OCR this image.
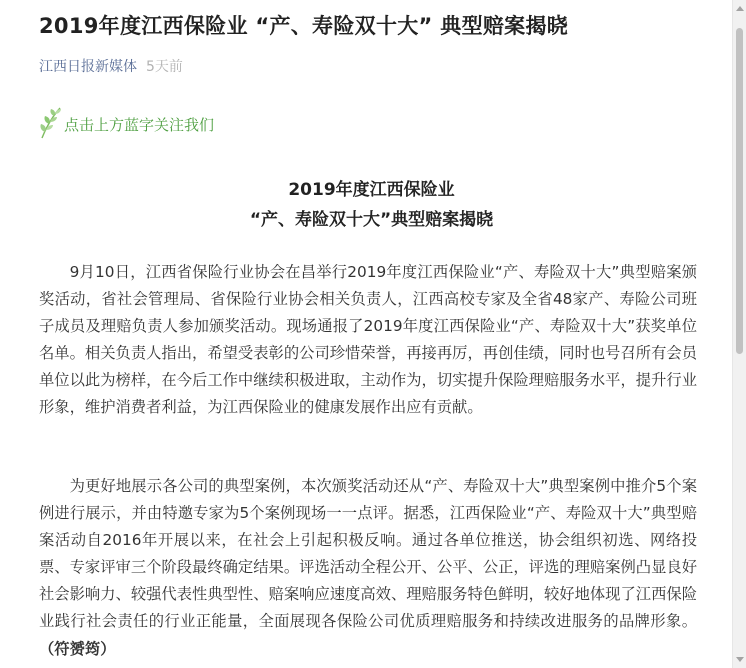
2019年度江西保险业 “产、寿险双十大” 典型赔案揭晓
江西日报新媒体 5天前
点击上方蓝字关注我们
2019年度江西保险业
“产、寿险双十大”典型赔案揭晓

9月10日，江西省保险行业协会在昌举行2019年度江西保险业“产、寿险双十大”典型赔案颁奖活动，省社会管理局、省保险行业协会相关负责人，江西高校专家及全省48家产、寿险公司班子成员及理赔负责人参加颁奖活动。现场通报了2019年度江西保险业“产、寿险双十大”获奖单位名单。相关负责人指出，希望受表彰的公司珍惜荣誉，再接再厉，再创佳绩，同时也号召所有会员单位以此为榜样，在今后工作中继续积极进取，主动作为，切实提升保险理赔服务水平，提升行业形象，维护消费者利益，为江西保险业的健康发展作出应有贡献。

为更好地展示各公司的典型案例，本次颁奖活动还从“产、寿险双十大”典型案例中推介5个案例进行展示，并由特邀专家为5个案例现场一一点评。据悉，江西保险业“产、寿险双十大”典型赔案活动自2016年开展以来，在社会上引起积极反响。通过各单位推送，协会组织初选、网络投票、专家评审三个阶段最终确定结果。评选活动全程公开、公平、公正，评选的理赔案例凸显良好社会影响力、较强代表性典型性、赔案响应速度高效、理赔服务特色鲜明，较好地体现了江西保险业践行社会责任的行业正能量，全面展现各保险公司优质理赔服务和持续改进服务的品牌形象。（符赟筠）
